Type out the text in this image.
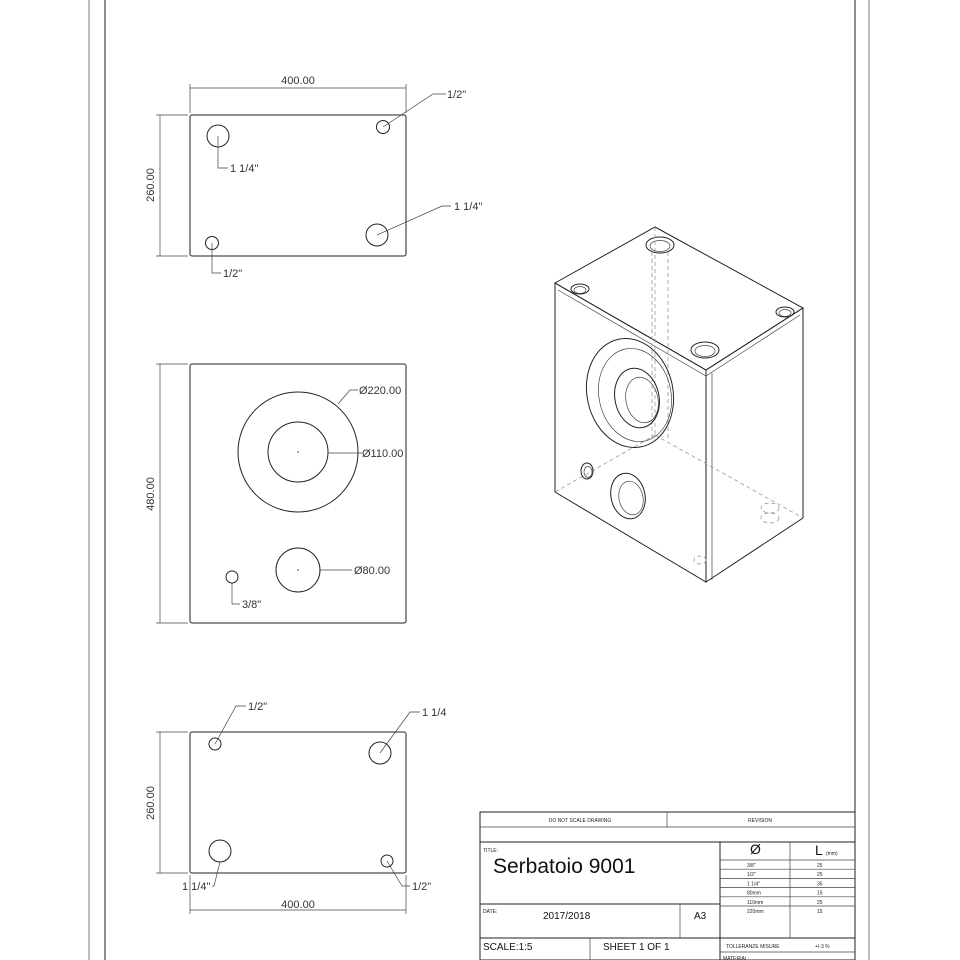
400.00
260.00
1/2"
1 1/4"
1 1/4"
1/2"
480.00
Ø220.00
Ø110.00
Ø80.00
3/8"
260.00
400.00
1/2"	1 1/4
1 1/4"	1/2"
DO NOT SCALE DRAWING	REVISION
TITLE:
Serbatoio 9001
DATE:	2017/2018	A3
SCALE:1:5	SHEET 1 OF 1	TOLLERANZE MISURE	+/-3 %
MATERIAL:
Ø	L (mm)
3/8"	25
1/2"	25
1 1/4"	35
80mm	15
110mm	25
220mm	15
